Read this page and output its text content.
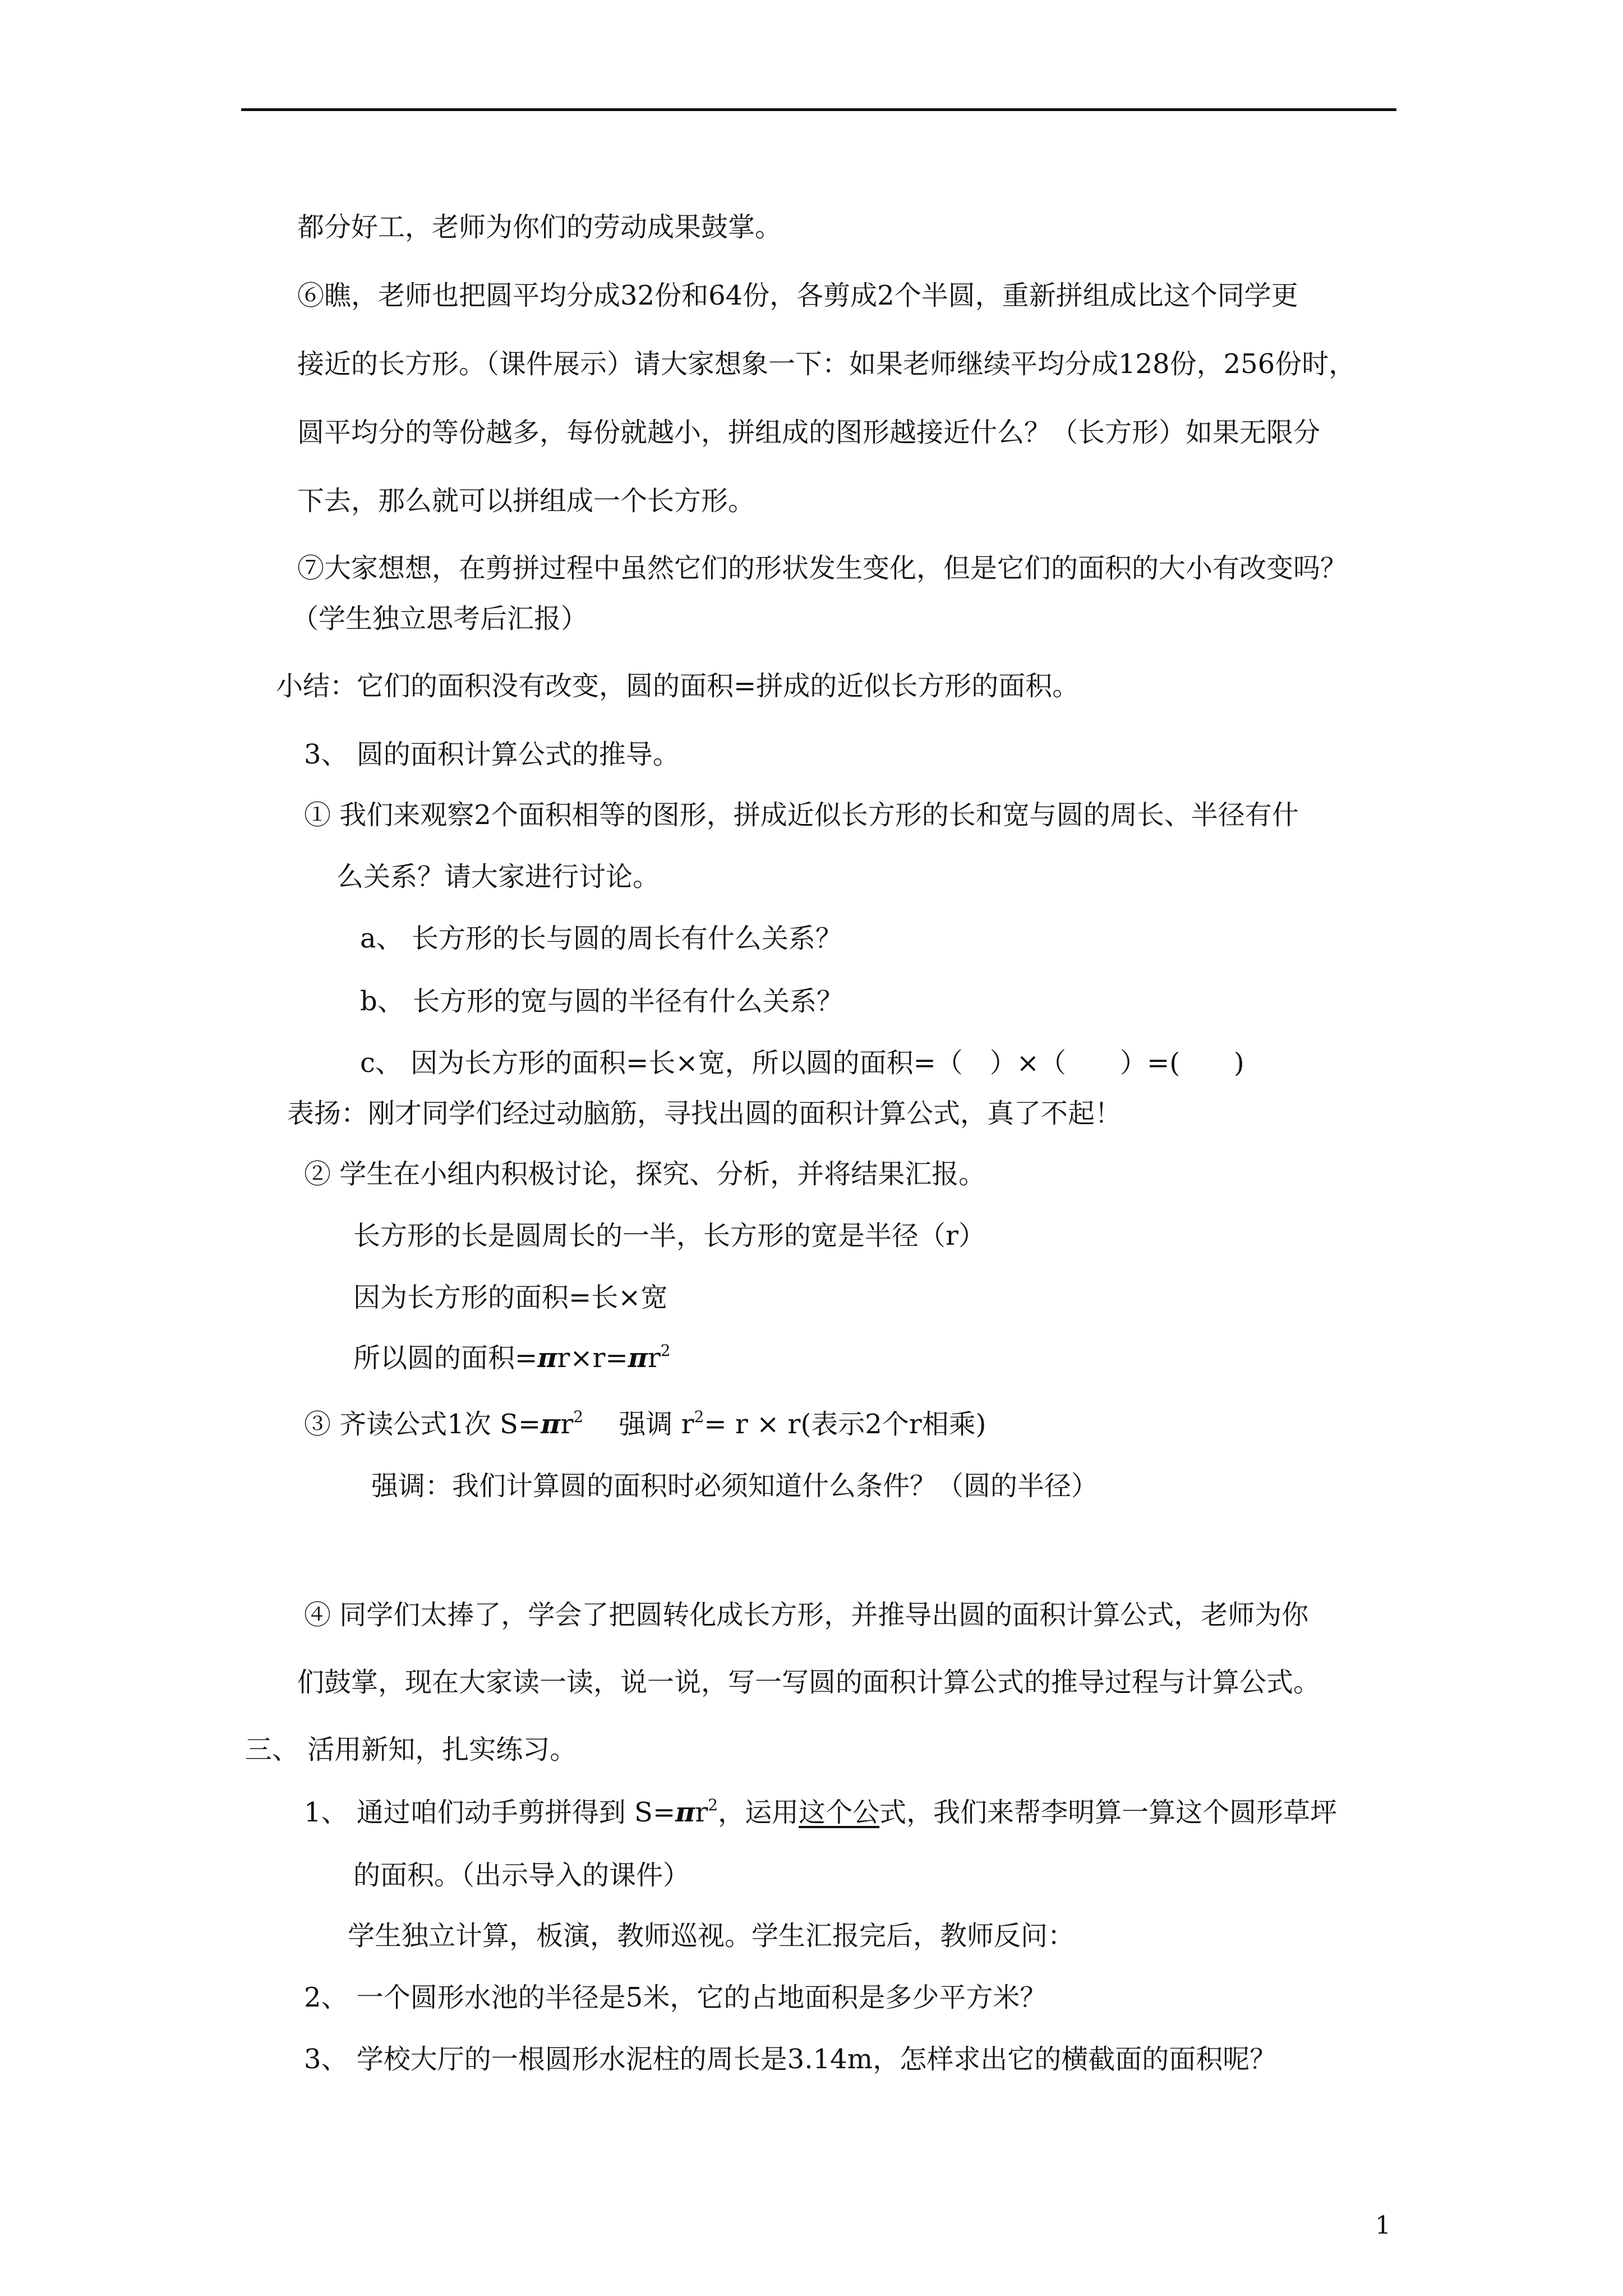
都分好工，老师为你们的劳动成果鼓掌。
⑥瞧，老师也把圆平均分成32份和64份，各剪成2个半圆，重新拼组成比这个同学更
接近的长方形。（课件展示）请大家想象一下：如果老师继续平均分成128份，256份时，
圆平均分的等份越多，每份就越小，拼组成的图形越接近什么？（长方形）如果无限分
下去，那么就可以拼组成一个长方形。
⑦大家想想，在剪拼过程中虽然它们的形状发生变化，但是它们的面积的大小有改变吗？
（学生独立思考后汇报）
小结：它们的面积没有改变，圆的面积=拼成的近似长方形的面积。
3、 圆的面积计算公式的推导。
① 我们来观察2个面积相等的图形，拼成近似长方形的长和宽与圆的周长、半径有什
么关系？请大家进行讨论。
a、 长方形的长与圆的周长有什么关系？
b、 长方形的宽与圆的半径有什么关系？
c、 因为长方形的面积=长×宽，所以圆的面积=（　）×（　　）=(　　)
表扬：刚才同学们经过动脑筋，寻找出圆的面积计算公式，真了不起！
② 学生在小组内积极讨论，探究、分析，并将结果汇报。
长方形的长是圆周长的一半，长方形的宽是半径（r）
因为长方形的面积=长×宽
所以圆的面积$=\pi r\times r=\pi r^2$
③ 齐读公式1次 $S=\pi r^2$　 强调 $r^2= r \times r$(表示2个r相乘)
强调：我们计算圆的面积时必须知道什么条件？（圆的半径）
④ 同学们太捧了，学会了把圆转化成长方形，并推导出圆的面积计算公式，老师为你
们鼓掌，现在大家读一读，说一说，写一写圆的面积计算公式的推导过程与计算公式。
三、 活用新知，扎实练习。
1、 通过咱们动手剪拼得到 $S=\pi r^2$，运用这个公式，我们来帮李明算一算这个圆形草坪
的面积。（出示导入的课件）
学生独立计算，板演，教师巡视。学生汇报完后，教师反问：
2、 一个圆形水池的半径是5米，它的占地面积是多少平方米？
3、 学校大厅的一根圆形水泥柱的周长是3.14m，怎样求出它的横截面的面积呢？
1
